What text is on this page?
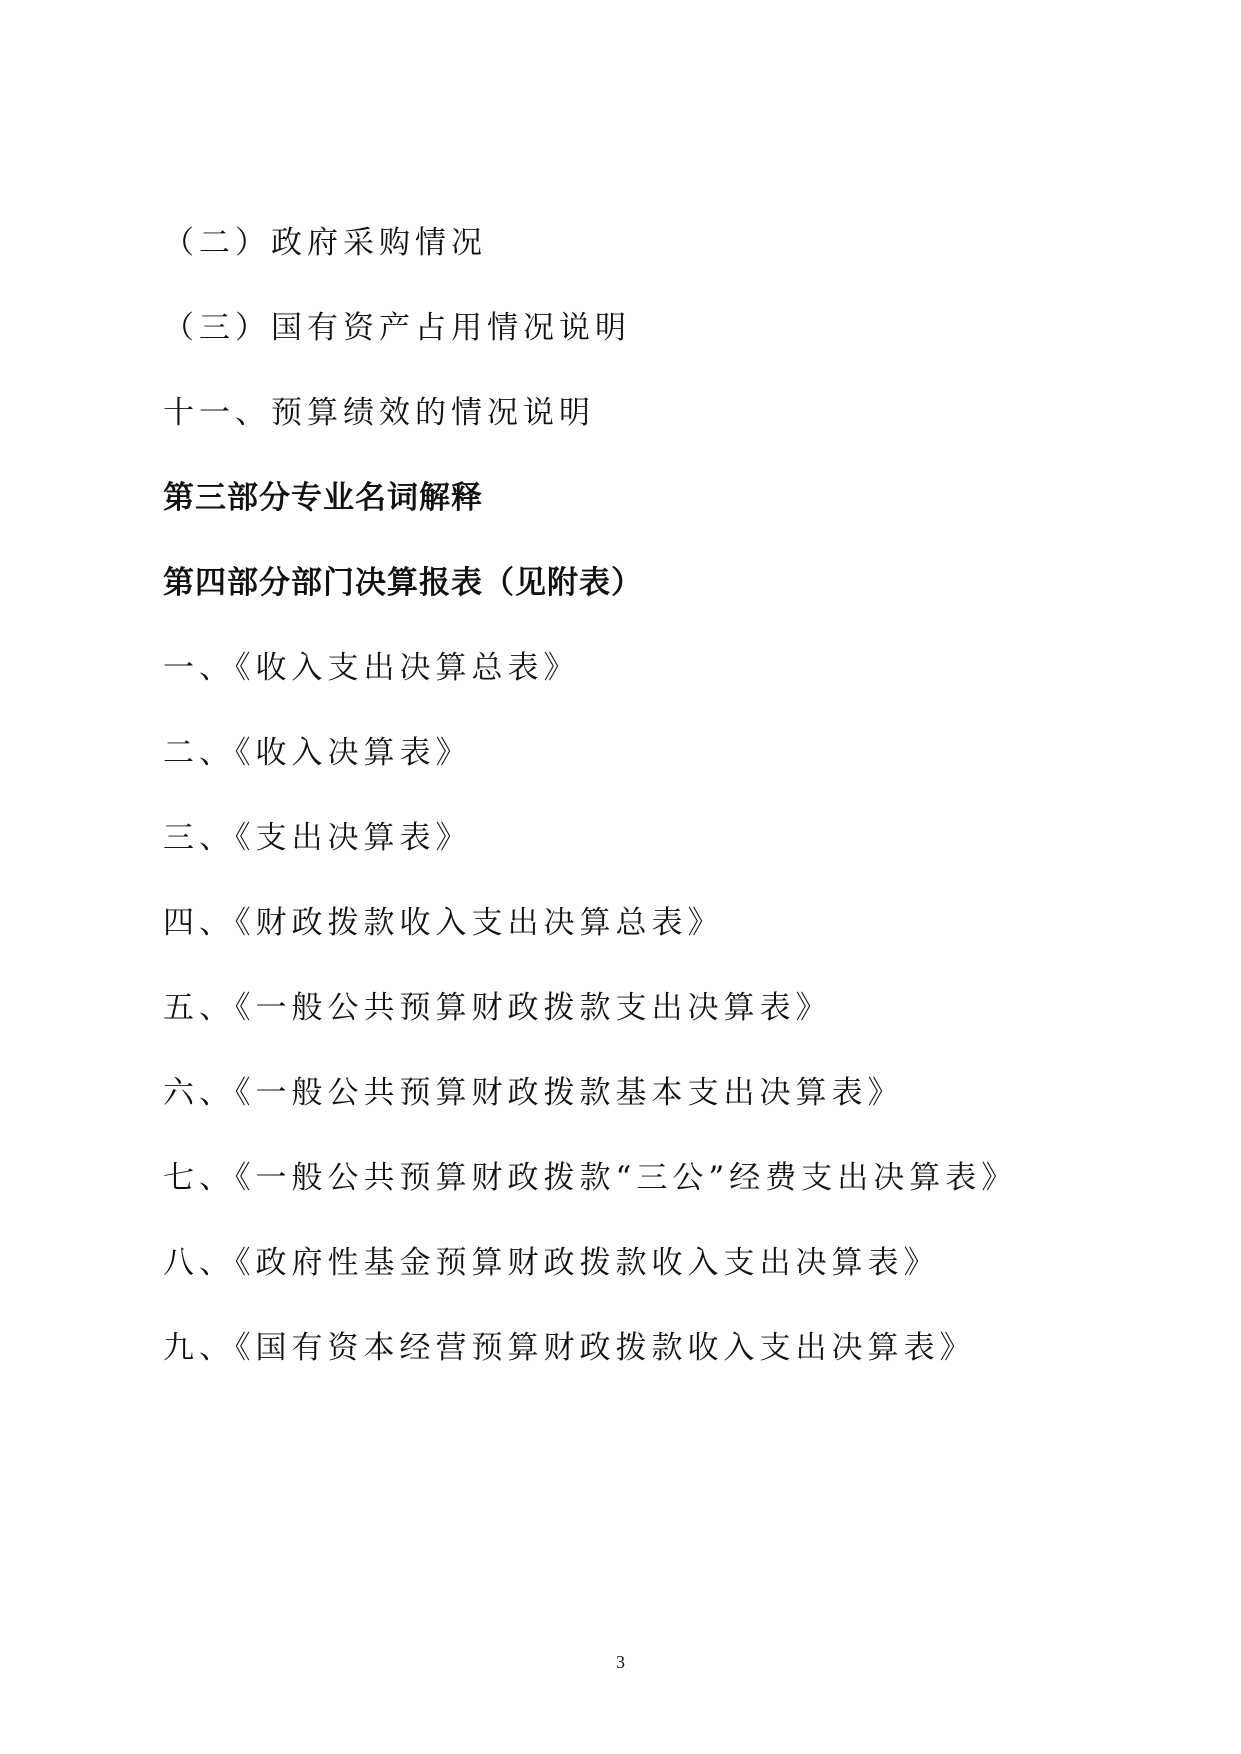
（二）政府采购情况
（三）国有资产占用情况说明
十一、预算绩效的情况说明
第三部分专业名词解释
第四部分部门决算报表（见附表）
一、《收入支出决算总表》
二、《收入决算表》
三、《支出决算表》
四、《财政拨款收入支出决算总表》
五、《一般公共预算财政拨款支出决算表》
六、《一般公共预算财政拨款基本支出决算表》
七、《一般公共预算财政拨款“三公”经费支出决算表》
八、《政府性基金预算财政拨款收入支出决算表》
九、《国有资本经营预算财政拨款收入支出决算表》
3
